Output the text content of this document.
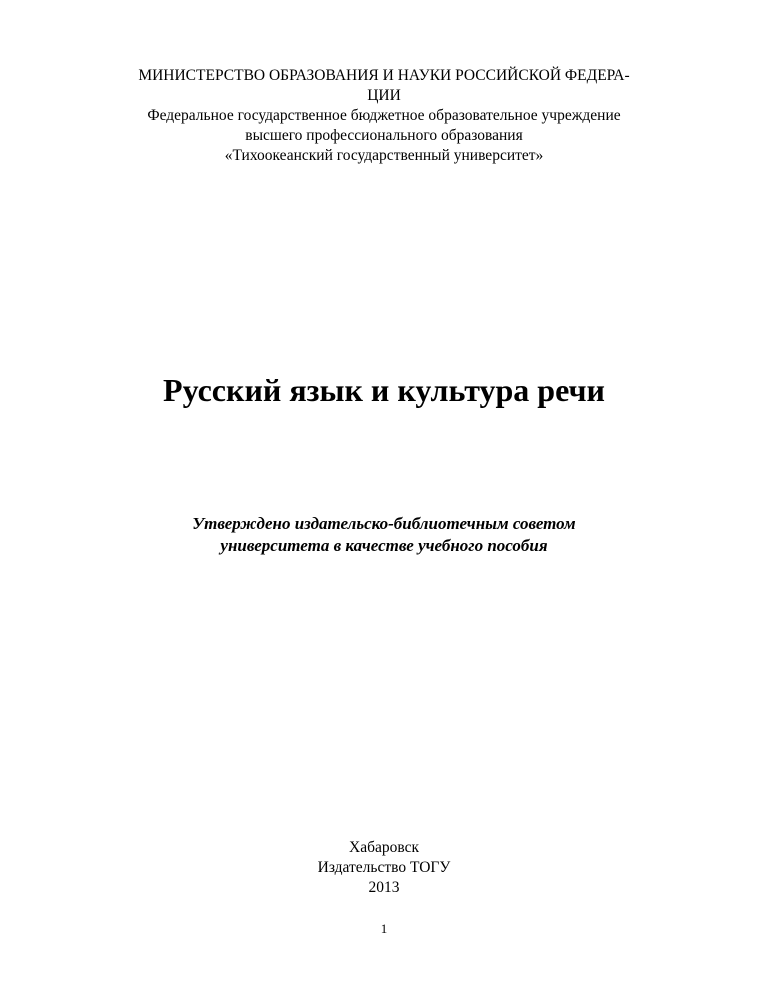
МИНИСТЕРСТВО ОБРАЗОВАНИЯ И НАУКИ РОССИЙСКОЙ ФЕДЕРА-
ЦИИ
Федеральное государственное бюджетное образовательное учреждение
высшего профессионального образования
«Тихоокеанский государственный университет»
Русский язык и культура речи
Утверждено издательско-библиотечным советом
университета в качестве учебного пособия
Хабаровск
Издательство ТОГУ
2013
1
